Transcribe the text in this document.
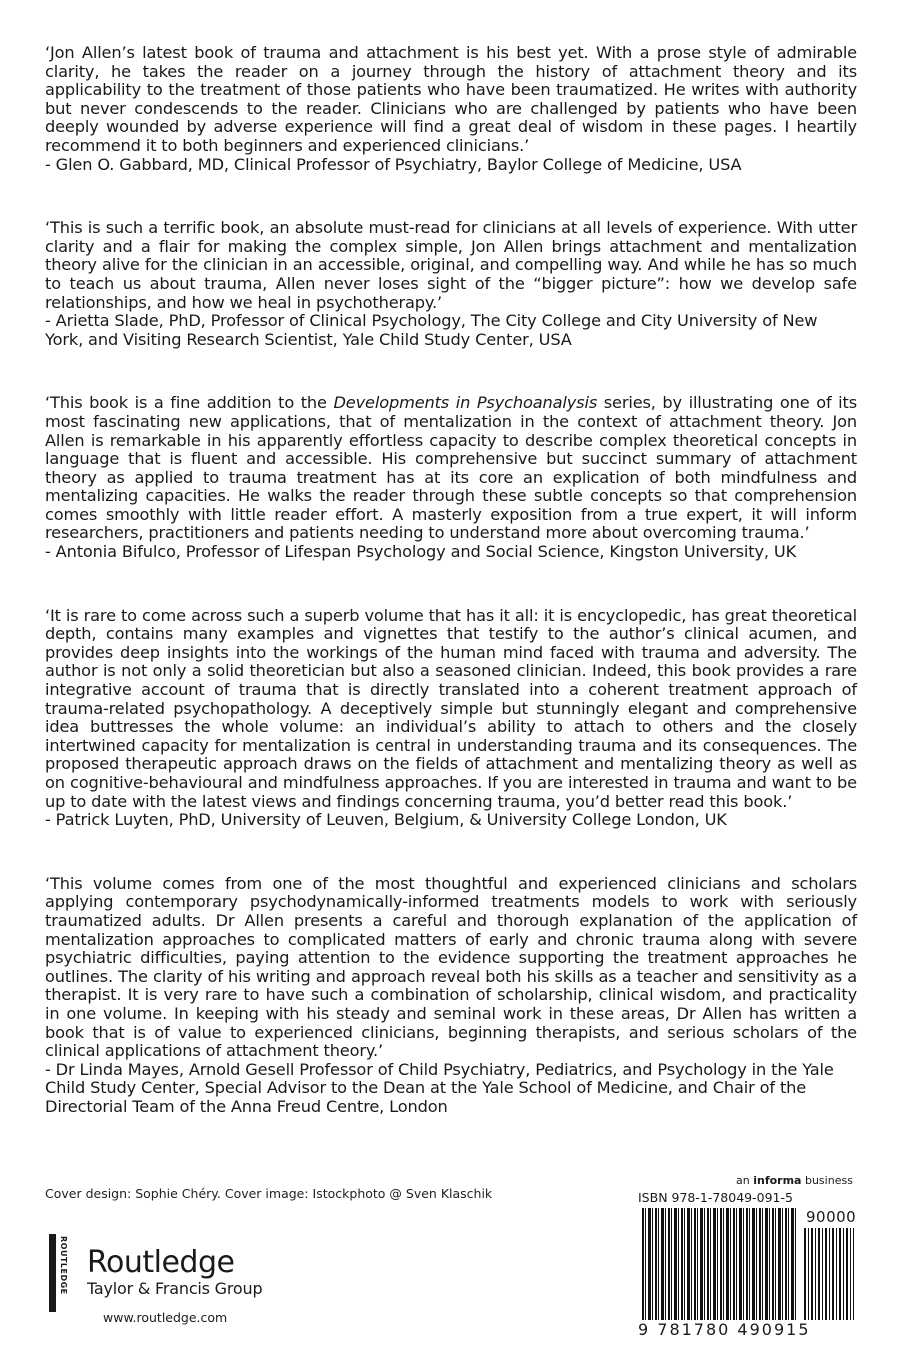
‘Jon Allen’s latest book of trauma and attachment is his best yet. With a prose style of admirable clarity, he takes the reader on a journey through the history of attachment theory and its applicability to the treatment of those patients who have been traumatized. He writes with authority but never condescends to the reader. Clinicians who are challenged by patients who have been deeply wounded by adverse experience will find a great deal of wisdom in these pages. I heartily recommend it to both beginners and experienced clinicians.’

- Glen O. Gabbard, MD, Clinical Professor of Psychiatry, Baylor College of Medicine, USA

‘This is such a terrific book, an absolute must-read for clinicians at all levels of experience. With utter clarity and a flair for making the complex simple, Jon Allen brings attachment and mentalization theory alive for the clinician in an accessible, original, and compelling way. And while he has so much to teach us about trauma, Allen never loses sight of the “bigger picture”: how we develop safe relationships, and how we heal in psychotherapy.’

- Arietta Slade, PhD, Professor of Clinical Psychology, The City College and City University of New York, and Visiting Research Scientist, Yale Child Study Center, USA

‘This book is a fine addition to the Developments in Psychoanalysis series, by illustrating one of its most fascinating new applications, that of mentalization in the context of attachment theory. Jon Allen is remarkable in his apparently effortless capacity to describe complex theoretical concepts in language that is fluent and accessible. His comprehensive but succinct summary of attachment theory as applied to trauma treatment has at its core an explication of both mindfulness and mentalizing capacities. He walks the reader through these subtle concepts so that comprehension comes smoothly with little reader effort. A masterly exposition from a true expert, it will inform researchers, practitioners and patients needing to understand more about overcoming trauma.’

- Antonia Bifulco, Professor of Lifespan Psychology and Social Science, Kingston University, UK

‘It is rare to come across such a superb volume that has it all: it is encyclopedic, has great theoretical depth, contains many examples and vignettes that testify to the author’s clinical acumen, and provides deep insights into the workings of the human mind faced with trauma and adversity. The author is not only a solid theoretician but also a seasoned clinician. Indeed, this book provides a rare integrative account of trauma that is directly translated into a coherent treatment approach of trauma-related psychopathology. A deceptively simple but stunningly elegant and comprehensive idea buttresses the whole volume: an individual’s ability to attach to others and the closely intertwined capacity for mentalization is central in understanding trauma and its consequences. The proposed therapeutic approach draws on the fields of attachment and mentalizing theory as well as on cognitive-behavioural and mindfulness approaches. If you are interested in trauma and want to be up to date with the latest views and findings concerning trauma, you’d better read this book.’

- Patrick Luyten, PhD, University of Leuven, Belgium, & University College London, UK

‘This volume comes from one of the most thoughtful and experienced clinicians and scholars applying contemporary psychodynamically-informed treatments models to work with seriously traumatized adults. Dr Allen presents a careful and thorough explanation of the application of mentalization approaches to complicated matters of early and chronic trauma along with severe psychiatric difficulties, paying attention to the evidence supporting the treatment approaches he outlines. The clarity of his writing and approach reveal both his skills as a teacher and sensitivity as a therapist. It is very rare to have such a combination of scholarship, clinical wisdom, and practicality in one volume. In keeping with his steady and seminal work in these areas, Dr Allen has written a book that is of value to experienced clinicians, beginning therapists, and serious scholars of the clinical applications of attachment theory.’

- Dr Linda Mayes, Arnold Gesell Professor of Child Psychiatry, Pediatrics, and Psychology in the Yale Child Study Center, Special Advisor to the Dean at the Yale School of Medicine, and Chair of the Directorial Team of the Anna Freud Centre, London

Cover design: Sophie Chéry. Cover image: Istockphoto @ Sven Klaschik

ROUTLEDGE Routledge
Taylor & Francis Group
www.routledge.com
an informa business
ISBN 978-1-78049-091-5
90000
9 781780 490915
